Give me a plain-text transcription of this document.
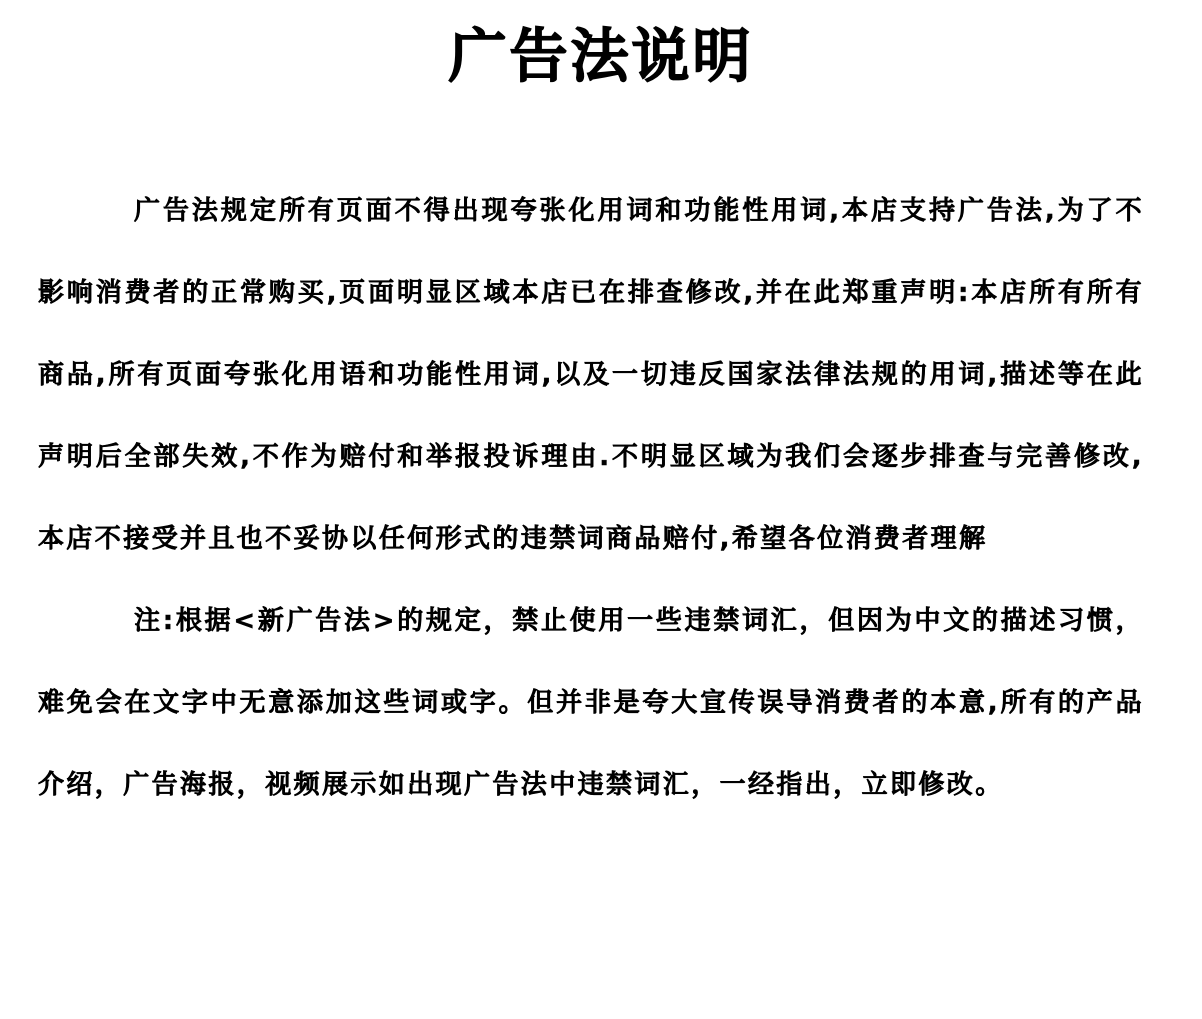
广告法说明

广告法规定所有页面不得出现夸张化用词和功能性用词,本店支持广告法,为了不影响消费者的正常购买,页面明显区域本店已在排查修改,并在此郑重声明:本店所有所有商品,所有页面夸张化用语和功能性用词,以及一切违反国家法律法规的用词,描述等在此声明后全部失效,不作为赔付和举报投诉理由.不明显区域为我们会逐步排查与完善修改,本店不接受并且也不妥协以任何形式的违禁词商品赔付,希望各位消费者理解

注:根据<新广告法>的规定，禁止使用一些违禁词汇，但因为中文的描述习惯，难免会在文字中无意添加这些词或字。但并非是夸大宣传误导消费者的本意,所有的产品介绍，广告海报，视频展示如出现广告法中违禁词汇，一经指出，立即修改。
